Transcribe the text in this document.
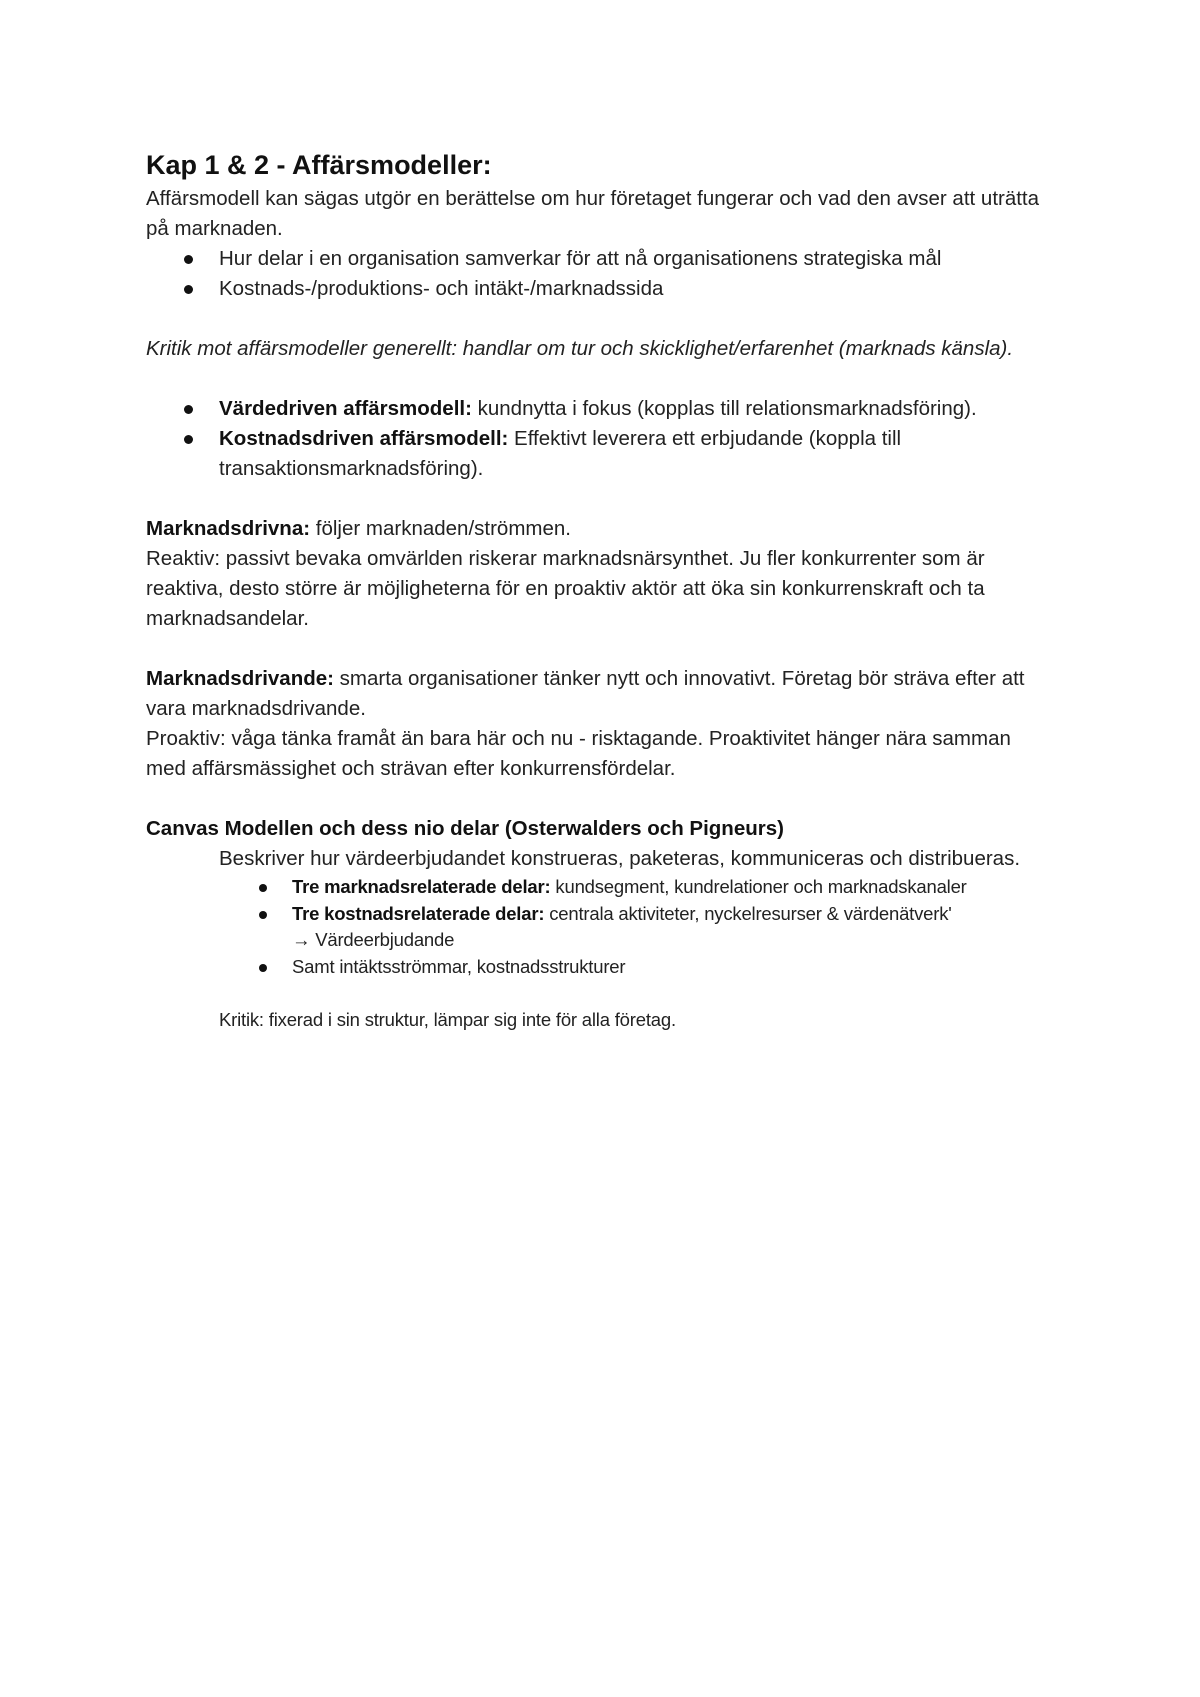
Kap 1 & 2 - Affärsmodeller:

Affärsmodell kan sägas utgör en berättelse om hur företaget fungerar och vad den avser att uträtta på marknaden.

Hur delar i en organisation samverkar för att nå organisationens strategiska mål
Kostnads-/produktions- och intäkt-/marknadssida

Kritik mot affärsmodeller generellt: handlar om tur och skicklighet/erfarenhet (marknads känsla).

Värdedriven affärsmodell: kundnytta i fokus (kopplas till relationsmarknadsföring).
Kostnadsdriven affärsmodell: Effektivt leverera ett erbjudande (koppla till transaktionsmarknadsföring).

Marknadsdrivna: följer marknaden/strömmen.

Reaktiv: passivt bevaka omvärlden riskerar marknadsnärsynthet. Ju fler konkurrenter som är reaktiva, desto större är möjligheterna för en proaktiv aktör att öka sin konkurrenskraft och ta marknadsandelar.

Marknadsdrivande: smarta organisationer tänker nytt och innovativt. Företag bör sträva efter att vara marknadsdrivande.

Proaktiv: våga tänka framåt än bara här och nu - risktagande. Proaktivitet hänger nära samman med affärsmässighet och strävan efter konkurrensfördelar.

Canvas Modellen och dess nio delar (Osterwalders och Pigneurs)

Beskriver hur värdeerbjudandet konstrueras, paketeras, kommuniceras och distribueras.

Tre marknadsrelaterade delar: kundsegment, kundrelationer och marknadskanaler
Tre kostnadsrelaterade delar: centrala aktiviteter, nyckelresurser & värdenätverk'
→ Värdeerbjudande
Samt intäktsströmmar, kostnadsstrukturer

Kritik: fixerad i sin struktur, lämpar sig inte för alla företag.
